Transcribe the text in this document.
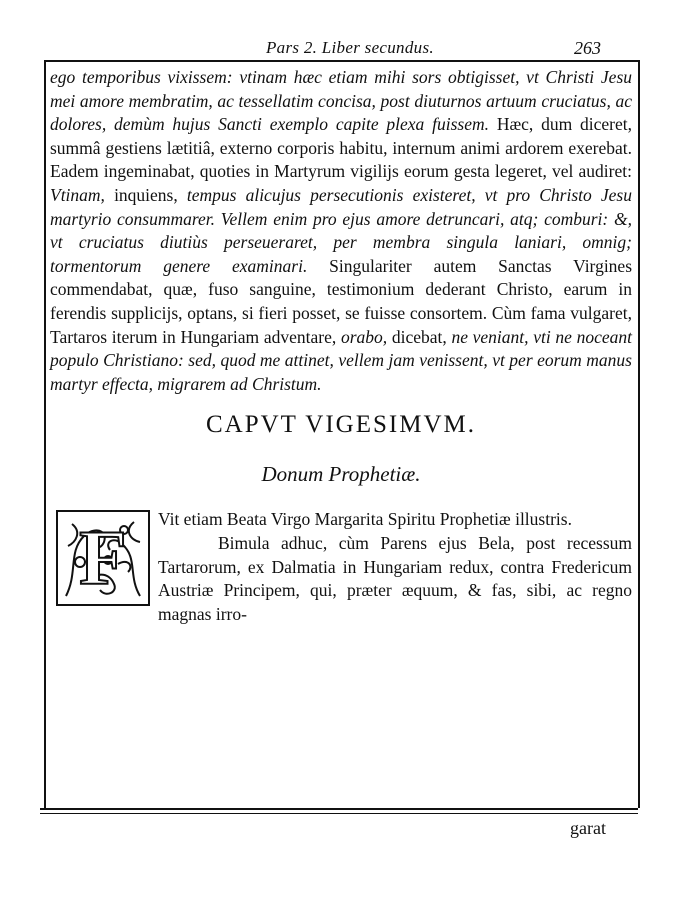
Pars 2. Liber secundus.	263

ego temporibus vixissem: vtinam hæc etiam mihi sors obtigisset, vt Christi Jesu mei amore membratim, ac tessellatim concisa, post diuturnos artuum cruciatus, ac dolores, demùm hujus Sancti exemplo capite plexa fuissem. Hæc, dum diceret, summâ gestiens lætitiâ, externo corporis habitu, internum animi ardorem exerebat. Eadem ingeminabat, quoties in Martyrum vigilijs eorum gesta legeret, vel audiret: Vtinam, inquiens, tempus alicujus persecutionis existeret, vt pro Christo Jesu martyrio consummarer. Vellem enim pro ejus amore detruncari, atq; comburi: &, vt cruciatus diutiùs perseueraret, per membra singula laniari, omnig; tormentorum genere examinari. Singulariter autem Sanctas Virgines commendabat, quæ, fuso sanguine, testimonium dederant Christo, earum in ferendis supplicijs, optans, si fieri posset, se fuisse consortem. Cùm fama vulgaret, Tartaros iterum in Hungariam adventare, orabo, dicebat, ne veniant, vti ne noceant populo Christiano: sed, quod me attinet, vellem jam venissent, vt per eorum manus martyr effecta, migrarem ad Christum.

CAPVT VIGESIMVM.
Donum Prophetiæ.
F	Vit etiam Beata Virgo Margarita Spiritu Prophetiæ illustris.

Bimula adhuc, cùm Parens ejus Bela, post recessum Tartarorum, ex Dalmatia in Hungariam redux, contra Fredericum Austriæ Principem, qui, præter æquum, & fas, sibi, ac regno magnas irro-

garat
